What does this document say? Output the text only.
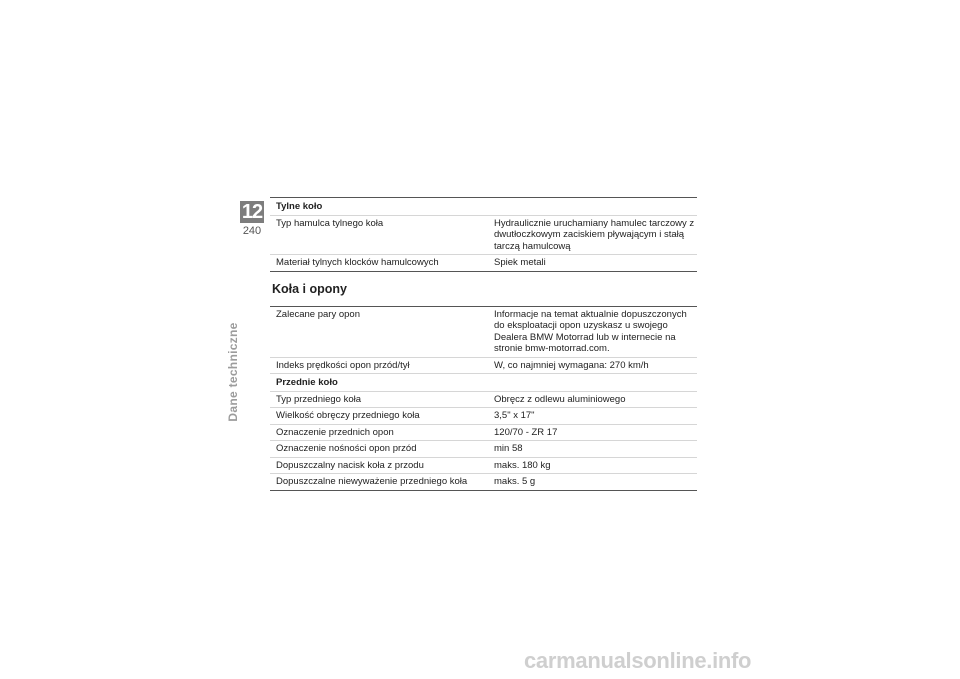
12
240
Dane techniczne
Tylne koło	
Typ hamulca tylnego koła	Hydraulicznie uruchamiany hamulec tarczowy z dwutłoczkowym zaciskiem pływającym i stałą tarczą hamulcową
Materiał tylnych klocków hamulcowych	Spiek metali
Koła i opony
Zalecane pary opon	Informacje na temat aktualnie dopuszczonych do eksploatacji opon uzyskasz u swojego Dealera BMW Motorrad lub w internecie na stronie bmw-motorrad.com.
Indeks prędkości opon przód/tył	W, co najmniej wymagana: 270 km/h
Przednie koło	
Typ przedniego koła	Obręcz z odlewu aluminiowego
Wielkość obręczy przedniego koła	3,5" x 17"
Oznaczenie przednich opon	120/70 - ZR 17
Oznaczenie nośności opon przód	min 58
Dopuszczalny nacisk koła z przodu	maks. 180 kg
Dopuszczalne niewyważenie przedniego koła	maks. 5 g
carmanualsonline.info
